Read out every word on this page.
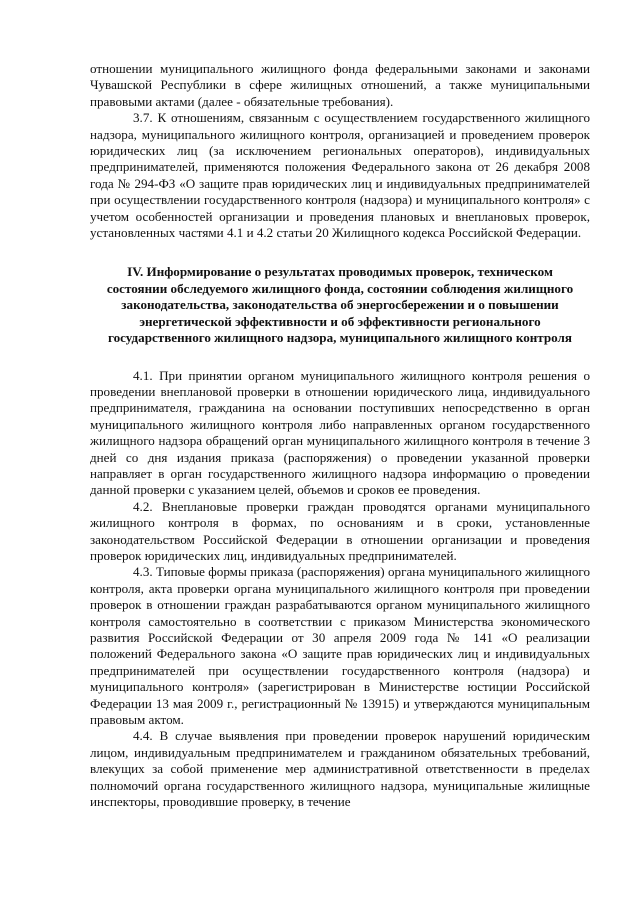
отношении муниципального жилищного фонда федеральными законами и законами Чувашской Республики в сфере жилищных отношений, а также муниципальными правовыми актами (далее - обязательные требования).

3.7. К отношениям, связанным с осуществлением государственного жилищного надзора, муниципального жилищного контроля, организацией и проведением проверок юридических лиц (за исключением региональных операторов), индивидуальных предпринимателей, применяются положения Федерального закона от 26 декабря 2008 года № 294-ФЗ «О защите прав юридических лиц и индивидуальных предпринимателей при осуществлении государственного контроля (надзора) и муниципального контроля» с учетом особенностей организации и проведения плановых и внеплановых проверок, установленных частями 4.1 и 4.2 статьи 20 Жилищного кодекса Российской Федерации.

IV. Информирование о результатах проводимых проверок, техническом
состоянии обследуемого жилищного фонда, состоянии соблюдения жилищного
законодательства, законодательства об энергосбережении и о повышении
энергетической эффективности и об эффективности регионального
государственного жилищного надзора, муниципального жилищного контроля

4.1. При принятии органом муниципального жилищного контроля решения о проведении внеплановой проверки в отношении юридического лица, индивидуального предпринимателя, гражданина на основании поступивших непосредственно в орган муниципального жилищного контроля либо направленных органом государственного жилищного надзора обращений орган муниципального жилищного контроля в течение 3 дней со дня издания приказа (распоряжения) о проведении указанной проверки направляет в орган государственного жилищного надзора информацию о проведении данной проверки с указанием целей, объемов и сроков ее проведения.

4.2. Внеплановые проверки граждан проводятся органами муниципального жилищного контроля в формах, по основаниям и в сроки, установленные законодательством Российской Федерации в отношении организации и проведения проверок юридических лиц, индивидуальных предпринимателей.

4.3. Типовые формы приказа (распоряжения) органа муниципального жилищного контроля, акта проверки органа муниципального жилищного контроля при проведении проверок в отношении граждан разрабатываются органом муниципального жилищного контроля самостоятельно в соответствии с приказом Министерства экономического развития Российской Федерации от 30 апреля 2009 года № 141 «О реализации положений Федерального закона «О защите прав юридических лиц и индивидуальных предпринимателей при осуществлении государственного контроля (надзора) и муниципального контроля» (зарегистрирован в Министерстве юстиции Российской Федерации 13 мая 2009 г., регистрационный № 13915) и утверждаются муниципальным правовым актом.

4.4. В случае выявления при проведении проверок нарушений юридическим лицом, индивидуальным предпринимателем и гражданином обязательных требований, влекущих за собой применение мер административной ответственности в пределах полномочий органа государственного жилищного надзора, муниципальные жилищные инспекторы, проводившие проверку, в течение
